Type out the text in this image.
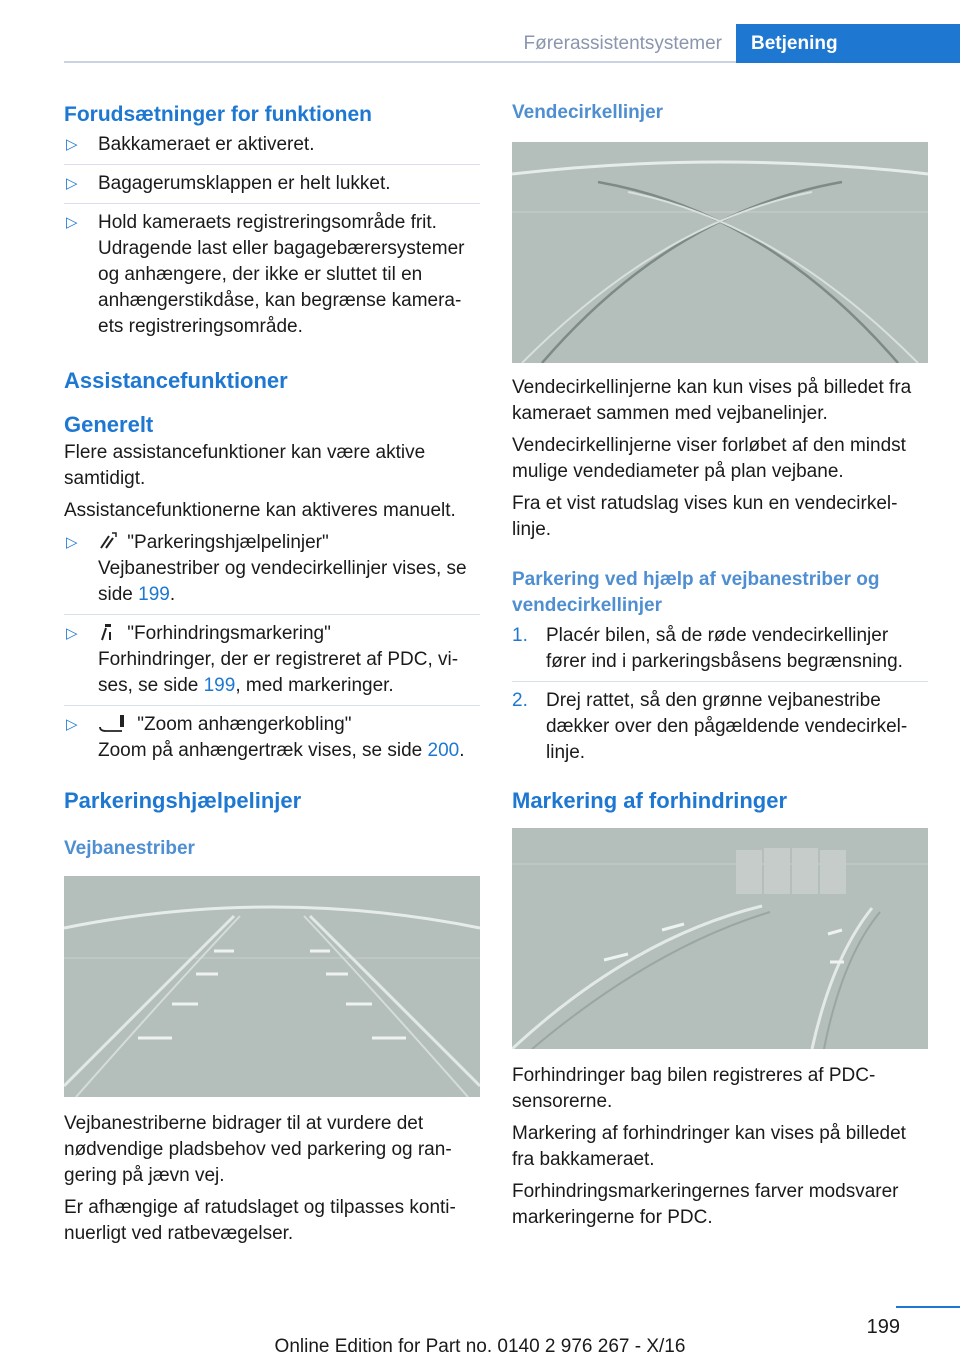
Førerassistentsystemer	Betjening
Forudsætninger for funktionen
▷ Bakkameraet er aktiveret.
▷ Bagagerumsklappen er helt lukket.
▷ Hold kameraets registreringsområde frit. Udragende last eller bagagebærersystemer og anhængere, der ikke er sluttet til en anhængerstikdåse, kan begrænse kameraets registreringsområde.
Assistancefunktioner
Generelt

Flere assistancefunktioner kan være aktive samtidigt.

Assistancefunktionerne kan aktiveres manuelt.

▷	"Parkeringshjælpelinjer"
Vejbanestriber og vendecirkellinjer vises, se side 199.
▷	"Forhindringsmarkering"
Forhindringer, der er registreret af PDC, vises, se side 199, med markeringer.
▷	"Zoom anhængerkobling"
Zoom på anhængertræk vises, se side 200.
Parkeringshjælpelinjer
Vejbanestriber

Vejbanestriberne bidrager til at vurdere det nødvendige pladsbehov ved parkering og rangering på jævn vej.

Er afhængige af ratudslaget og tilpasses kontinuerligt ved ratbevægelser.

Vendecirkellinjer

Vendecirkellinjerne kan kun vises på billedet fra kameraet sammen med vejbanelinjer.

Vendecirkellinjerne viser forløbet af den mindst mulige vendediameter på plan vejbane.

Fra et vist ratudslag vises kun en vendecirkellinje.

Parkering ved hjælp af vejbanestriber og vendecirkellinjer
1. Placér bilen, så de røde vendecirkellinjer fører ind i parkeringsbåsens begrænsning.
2. Drej rattet, så den grønne vejbanestribe dækker over den pågældende vendecirkellinje.
Markering af forhindringer

Forhindringer bag bilen registreres af PDC-sensorerne.

Markering af forhindringer kan vises på billedet fra bakkameraet.

Forhindringsmarkeringernes farver modsvarer markeringerne for PDC.

199
Online Edition for Part no. 0140 2 976 267 - X/16
